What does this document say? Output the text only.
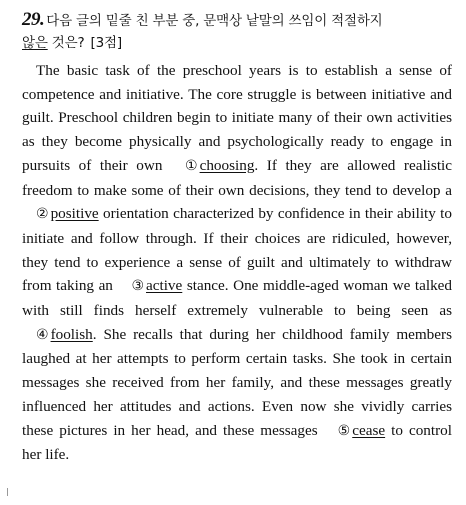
29. 다음 글의 밑줄 친 부분 중, 문맥상 낱말의 쓰임이 적절하지
않은 것은? [3점]

The basic task of the preschool years is to establish a sense of competence and initiative. The core struggle is between initiative and guilt. Preschool children begin to initiate many of their own activities as they become physically and psychologically ready to engage in pursuits of their own ① choosing. If they are allowed realistic freedom to make some of their own decisions, they tend to develop a ② positive orientation characterized by confidence in their ability to initiate and follow through. If their choices are ridiculed, however, they tend to experience a sense of guilt and ultimately to withdraw from taking an ③ active stance. One middle-aged woman we talked with still finds herself extremely vulnerable to being seen as ④ foolish. She recalls that during her childhood family members laughed at her attempts to perform certain tasks. She took in certain messages she received from her family, and these messages greatly influenced her attitudes and actions. Even now she vividly carries these pictures in her head, and these messages ⑤ cease to control her life.
